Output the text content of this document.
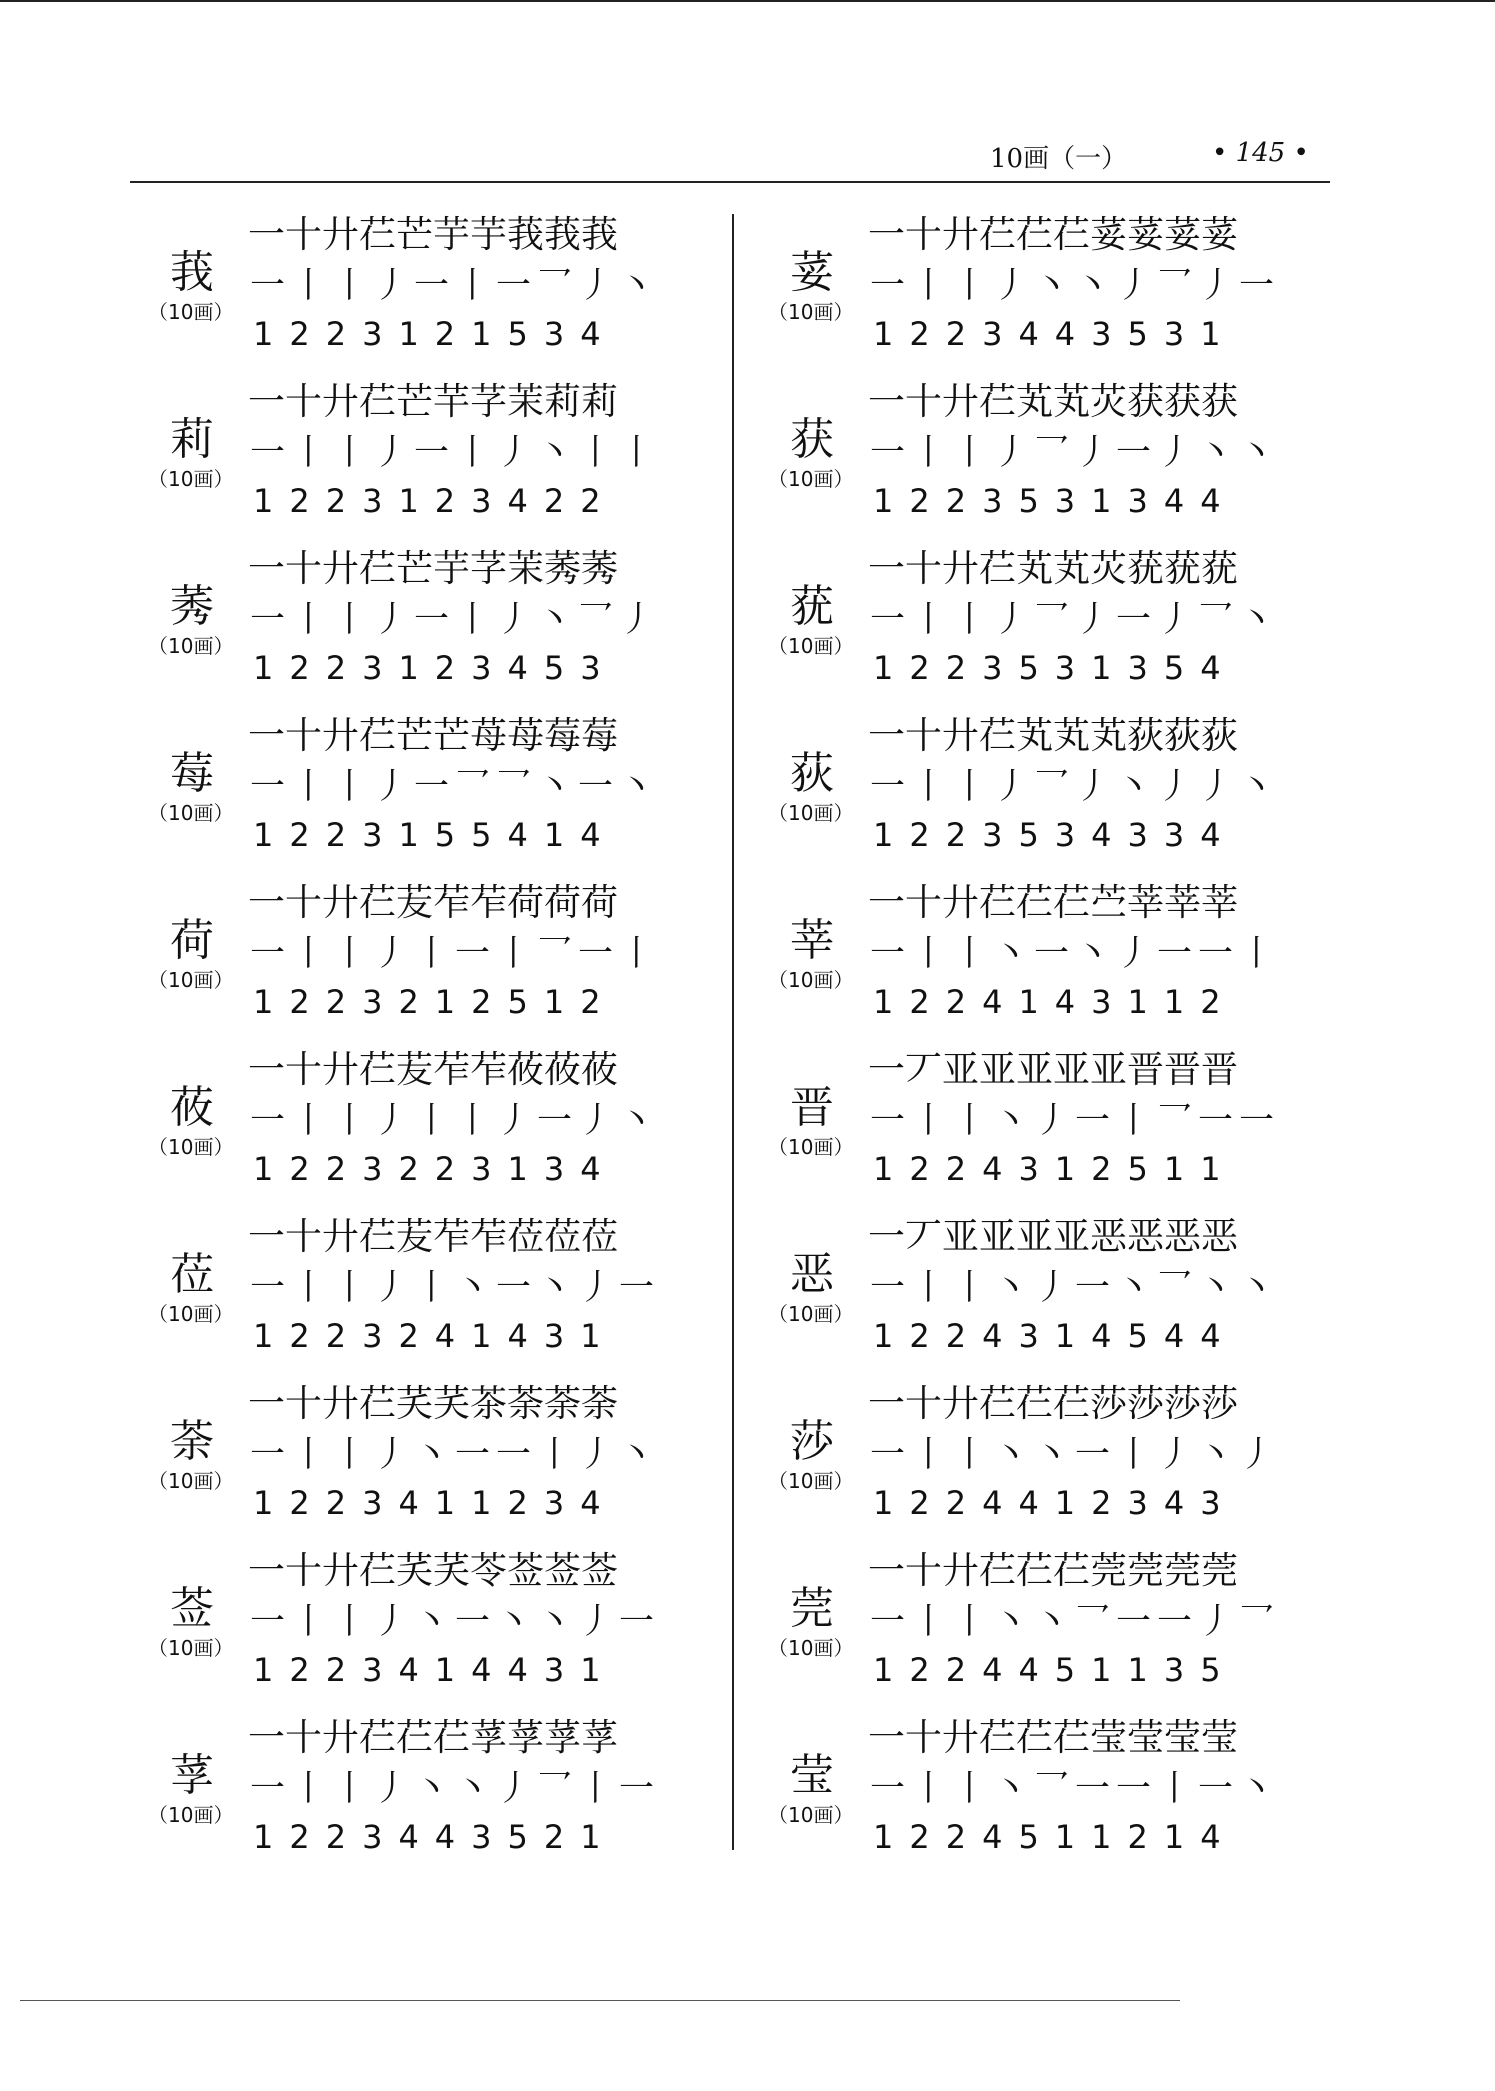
10画（一）	• 145 •
莪
（10画）
一十廾芢芒芋芋莪莪莪
一丨丨丿一丨一乛丿丶
1223121534
莉
（10画）
一十廾芢芒芉芓茉莉莉
一丨丨丿一丨丿丶丨丨
1223123422
莠
（10画）
一十廾芢芒芋芓茉莠莠
一丨丨丿一丨丿丶乛丿
1223123453
莓
（10画）
一十廾芢芒芒苺苺莓莓
一丨丨丿一乛乛丶一丶
1223155414
荷
（10画）
一十廾芢苃苲苲荷荷荷
一丨丨丿丨一丨乛一丨
1223212512
莜
（10画）
一十廾芢苃苲苲莜莜莜
一丨丨丿丨丨丿一丿丶
1223223134
莅
（10画）
一十廾芢苃苲苲莅莅莅
一丨丨丿丨丶一丶丿一
1223241431
荼
（10画）
一十廾芢芺芺茶荼荼荼
一丨丨丿丶一一丨丿丶
1223411234
莶
（10画）
一十廾芢芺芺苓莶莶莶
一丨丨丿丶一丶丶丿一
1223414431
莩
（10画）
一十廾芢芢芢莩莩莩莩
一丨丨丿丶丶丿乛丨一
1223443521
荽
（10画）
一十廾芢芢芢荽荽荽荽
一丨丨丿丶丶丿乛丿一
1223443531
获
（10画）
一十廾芢芄芄苂获获获
一丨丨丿乛丿一丿丶丶
1223531344
莸
（10画）
一十廾芢芄芄苂莸莸莸
一丨丨丿乛丿一丿乛丶
1223531354
荻
（10画）
一十廾芢芄芄芄荻荻荻
一丨丨丿乛丿丶丿丿丶
1223534334
莘
（10画）
一十廾芢芢芢苎莘莘莘
一丨丨丶一丶丿一一丨
1224143112
晋
（10画）
一丆亚亚亚亚亚晋晋晋
一丨丨丶丿一丨乛一一
1224312511
恶
（10画）
一丆亚亚亚亚恶恶恶恶
一丨丨丶丿一丶乛丶丶
1224314544
莎
（10画）
一十廾芢芢芢莎莎莎莎
一丨丨丶丶一丨丿丶丿
1224412343
莞
（10画）
一十廾芢芢芢莞莞莞莞
一丨丨丶丶乛一一丿乛
1224451135
莹
（10画）
一十廾芢芢芢莹莹莹莹
一丨丨丶乛一一丨一丶
1224511214
